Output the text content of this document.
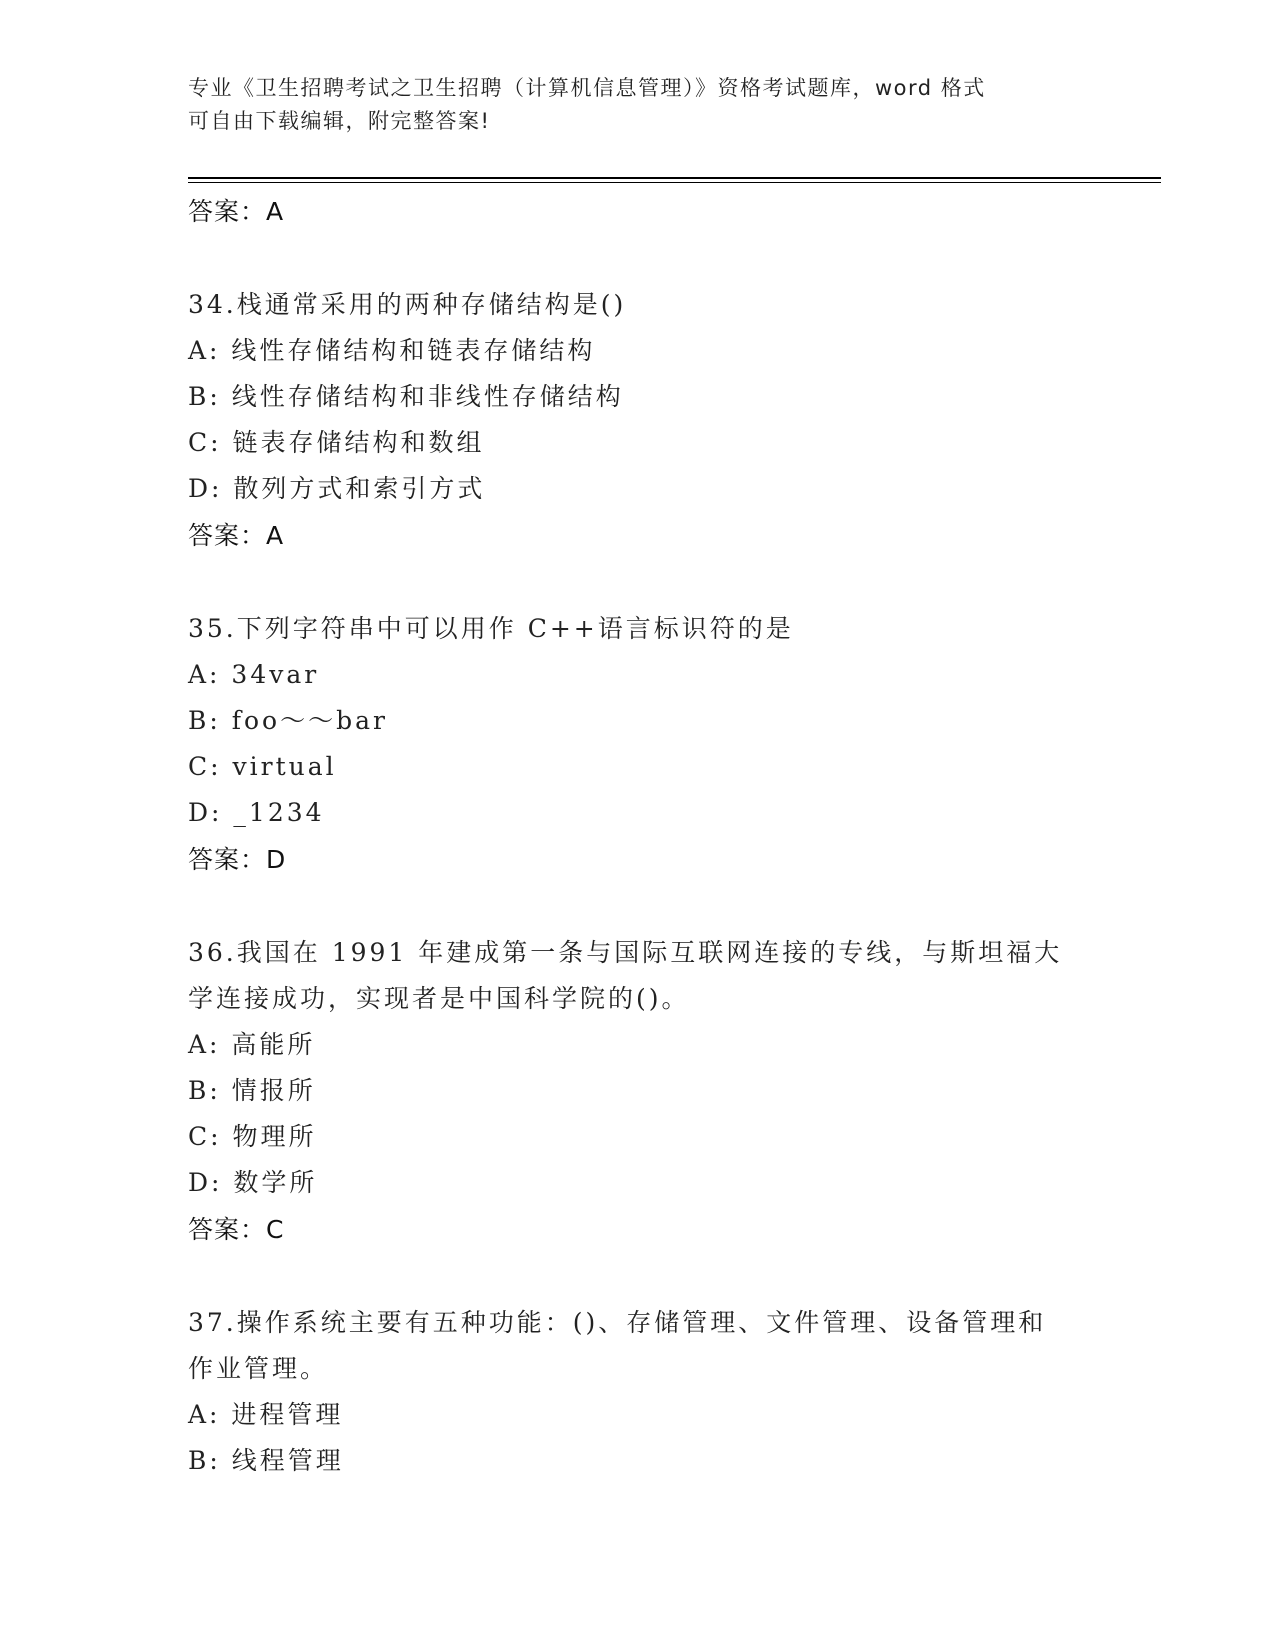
专业《卫生招聘考试之卫生招聘（计算机信息管理）》资格考试题库，word 格式
可自由下载编辑，附完整答案!
答案：A
34.栈通常采用的两种存储结构是()
A: 线性存储结构和链表存储结构
B: 线性存储结构和非线性存储结构
C: 链表存储结构和数组
D: 散列方式和索引方式
答案：A
35.下列字符串中可以用作 C++语言标识符的是
A: 34var
B: foo～～bar
C: virtual
D: _1234
答案：D
36.我国在 1991 年建成第一条与国际互联网连接的专线，与斯坦福大
学连接成功，实现者是中国科学院的()。
A: 高能所
B: 情报所
C: 物理所
D: 数学所
答案：C
37.操作系统主要有五种功能：()、存储管理、文件管理、设备管理和
作业管理。
A: 进程管理
B: 线程管理
